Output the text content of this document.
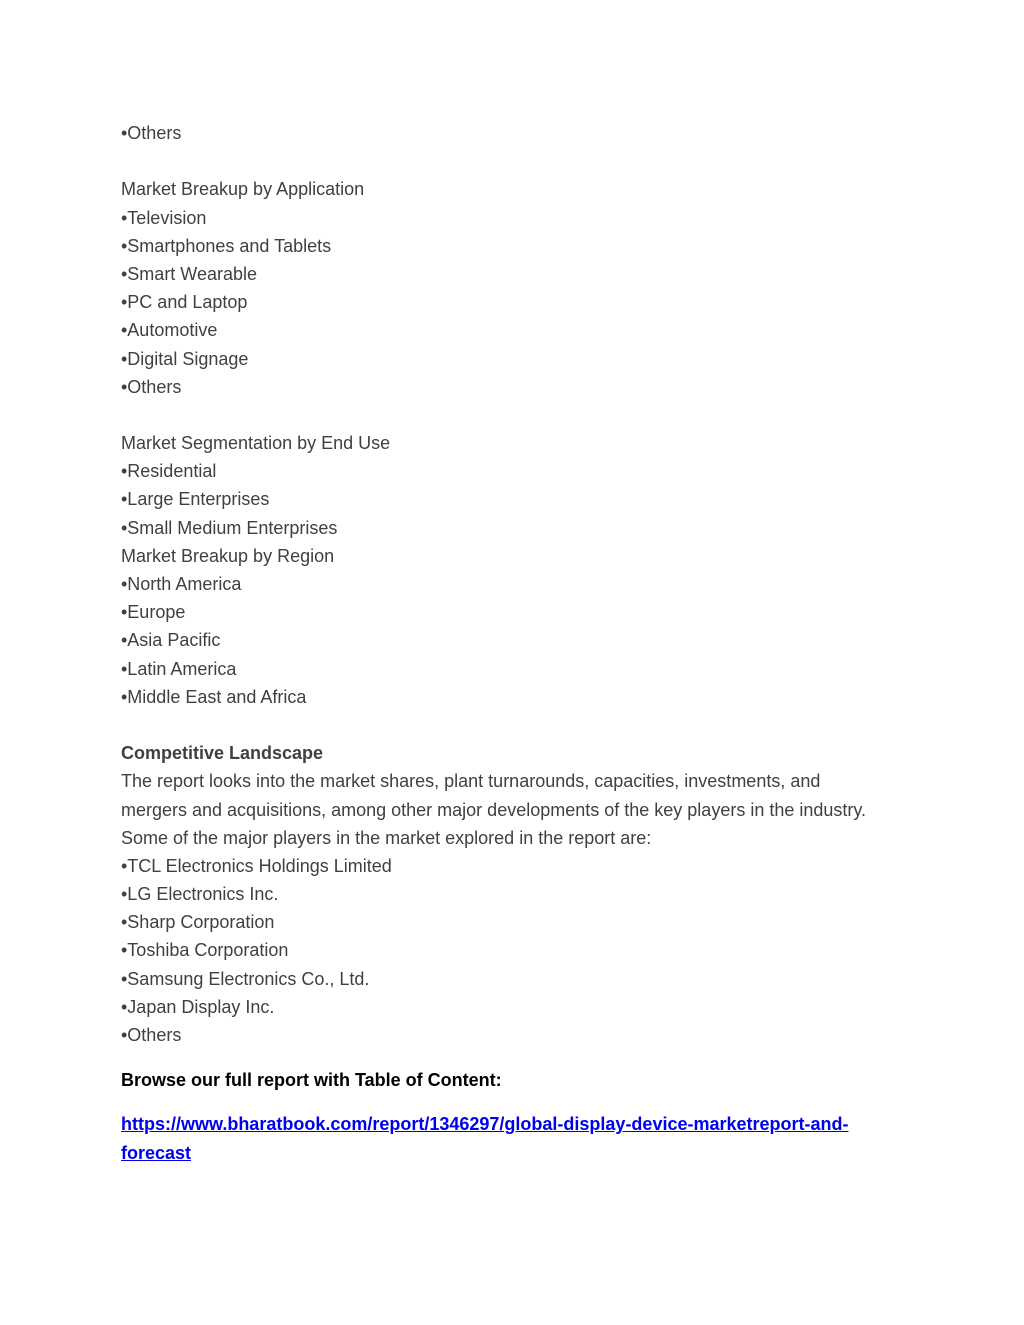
•Others

Market Breakup by Application

•Television
•Smartphones and Tablets
•Smart Wearable
•PC and Laptop
•Automotive
•Digital Signage
•Others

Market Segmentation by End Use

•Residential
•Large Enterprises
•Small Medium Enterprises

Market Breakup by Region

•North America
•Europe
•Asia Pacific
•Latin America
•Middle East and Africa

Competitive Landscape

The report looks into the market shares, plant turnarounds, capacities, investments, and

mergers and acquisitions, among other major developments of the key players in the industry.

Some of the major players in the market explored in the report are:

•TCL Electronics Holdings Limited
•LG Electronics Inc.
•Sharp Corporation
•Toshiba Corporation
•Samsung Electronics Co., Ltd.
•Japan Display Inc.
•Others

Browse our full report with Table of Content:

https://www.bharatbook.com/report/1346297/global-display-device-marketreport-and-
forecast
